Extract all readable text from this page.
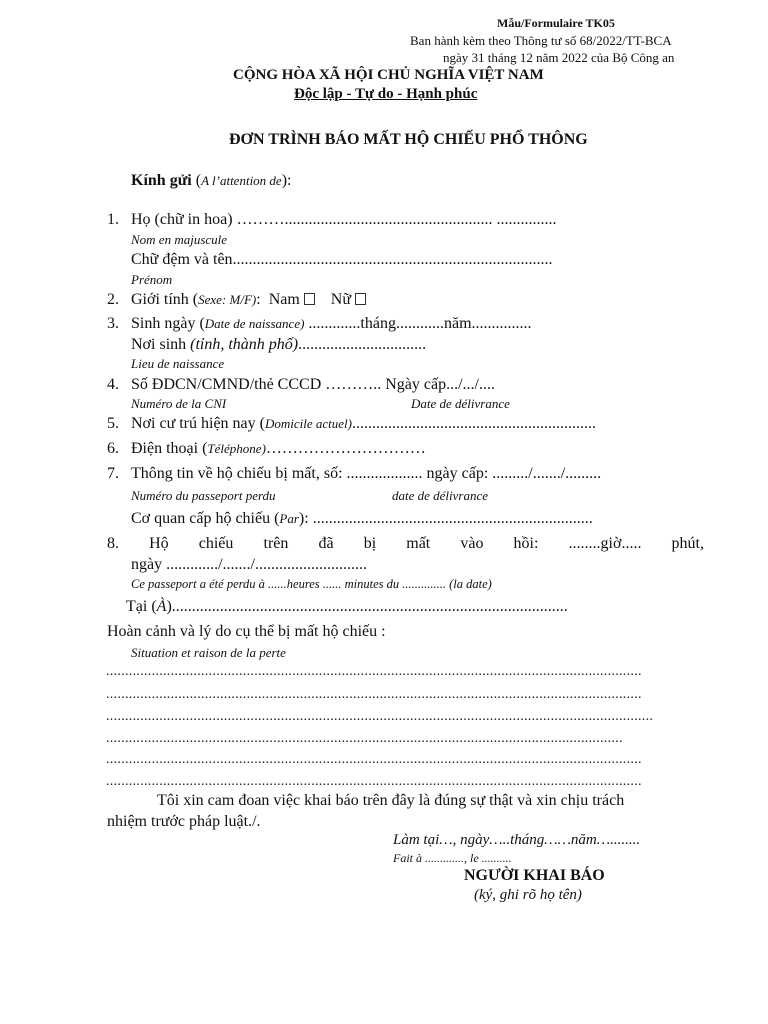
Mẫu/Formulaire TK05
Ban hành kèm theo Thông tư số 68/2022/TT-BCA
ngày 31 tháng 12 năm 2022 của Bộ Công an
CỘNG HÒA XÃ HỘI CHỦ NGHĨA VIỆT NAM
Độc lập - Tự do - Hạnh phúc
ĐƠN TRÌNH BÁO MẤT HỘ CHIẾU PHỔ THÔNG
Kính gửi (A l’attention de):
1. Họ (chữ in hoa) ……….................................................... ...............
Nom en majuscule
Chữ đệm và tên................................................................................
Prénom
2. Giới tính (Sexe: M/F):  Nam Nữ
3. Sinh ngày (Date de naissance) .............tháng............năm...............
Nơi sinh (tỉnh, thành phố)................................
Lieu de naissance
4. Số ĐDCN/CMND/thẻ CCCD ……….. Ngày cấp.../.../....
Numéro de la CNI	Date de délivrance
5. Nơi cư trú hiện nay (Domicile actuel).............................................................
6. Điện thoại (Téléphone)…………………………
7. Thông tin về hộ chiếu bị mất, số: ................... ngày cấp: ........./......./.........
Numéro du passeport perdu	date de délivrance
Cơ quan cấp hộ chiếu (Par): ......................................................................
8. Hộ chiếu trên đã bị mất vào hồi: ........giờ..... phút,
ngày ............./......./............................
Ce passeport a été perdu à ......heures ...... minutes du .............. (la date)
Tại (À)...................................................................................................
Hoàn cảnh và lý do cụ thể bị mất hộ chiếu :
Situation et raison de la perte
.............................................................................................................................................
.............................................................................................................................................
................................................................................................................................................
........................................................................................................................................
.............................................................................................................................................
.............................................................................................................................................
Tôi xin cam đoan việc khai báo trên đây là đúng sự thật và xin chịu trách
nhiệm trước pháp luật./.
Làm tại…, ngày…..tháng……năm…........
Fait à ............., le ..........
NGƯỜI KHAI BÁO
(ký, ghi rõ họ tên)
